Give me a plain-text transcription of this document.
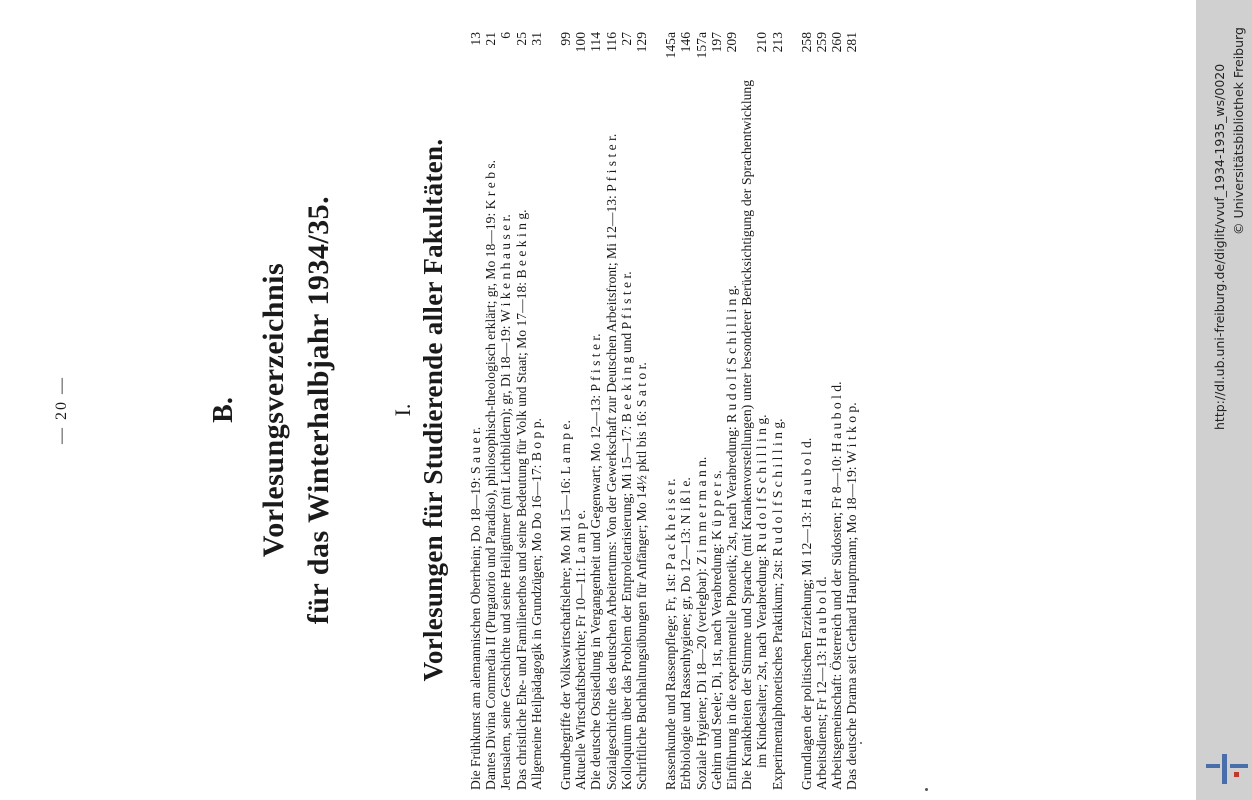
— 20 —	B. Vorlesungsverzeichnis für das Winterhalbjahr 1934/35.	I. Vorlesungen für Studierende aller Fakultäten. Die Frühkunst am alemannischen Oberrhein; Do 18—19: S a u e r.
13
Dantes Divina Commedia II (Purgatorio und Paradiso), philosophisch-theologisch erklärt; gr, Mo 18—19: K r e b s.
21
Jerusalem, seine Geschichte und seine Heiligtümer (mit Lichtbildern); gr, Di 18—19: W i k e n h a u s e r.
6
Das christliche Ehe- und Familienethos und seine Bedeutung für Volk und Staat; Mo 17—18: B e e k i n g.
25
Allgemeine Heilpädagogik in Grundzügen; Mo Do 16—17: B o p p.
31
Grundbegriffe der Volkswirtschaftslehre; Mo Mi 15—16: L a m p e.
99
Aktuelle Wirtschaftsberichte; Fr 10—11: L a m p e.
100
Die deutsche Ostsiedlung in Vergangenheit und Gegenwart; Mo 12—13: P f i s t e r.
114
Sozialgeschichte des deutschen Arbeitertums: Von der Gewerkschaft zur Deutschen Arbeitsfront; Mi 12—13: P f i s t e r.
116
Kolloquium über das Problem der Entproletarisierung; Mi 15—17: B e e k i n g und P f i s t e r.
27
Schriftliche Buchhaltungsübungen für Anfänger; Mo 14½ pktl bis 16: S a t o r.
129
Rassenkunde und Rassenpflege; Fr, 1st: P a c k h e i s e r.
145a
Erbbiologie und Rassenhygiene; gr, Do 12—13: N i ß l e.
146
Soziale Hygiene; Di 18—20 (verlegbar): Z i m m e r m a n n.
157a
Gehirn und Seele; Di, 1st, nach Verabredung: K ü p p e r s.
197
Einführung in die experimentelle Phonetik; 2st, nach Verabredung: R u d o l f S c h i l l i n g.
209
Die Krankheiten der Stimme und Sprache (mit Krankenvorstellungen) unter besonderer Berücksichtigung der Sprachentwicklung im Kindesalter; 2st, nach Verabredung: R u d o l f S c h i l l i n g.
210
Experimentalphonetisches Praktikum; 2st: R u d o l f S c h i l l i n g.
213
Grundlagen der politischen Erziehung; Mi 12—13: H a u b o l d.
258
Arbeitsdienst; Fr 12—13: H a u b o l d.
259
Arbeitsgemeinschaft: Österreich und der Südosten; Fr 8—10: H a u b o l d.
260
Das deutsche Drama seit Gerhard Hauptmann; Mo 18—19: W i t k o p.
281
http://dl.ub.uni-freiburg.de/diglit/vvuf_1934-1935_ws/0020 © Universitätsbibliothek Freiburg
